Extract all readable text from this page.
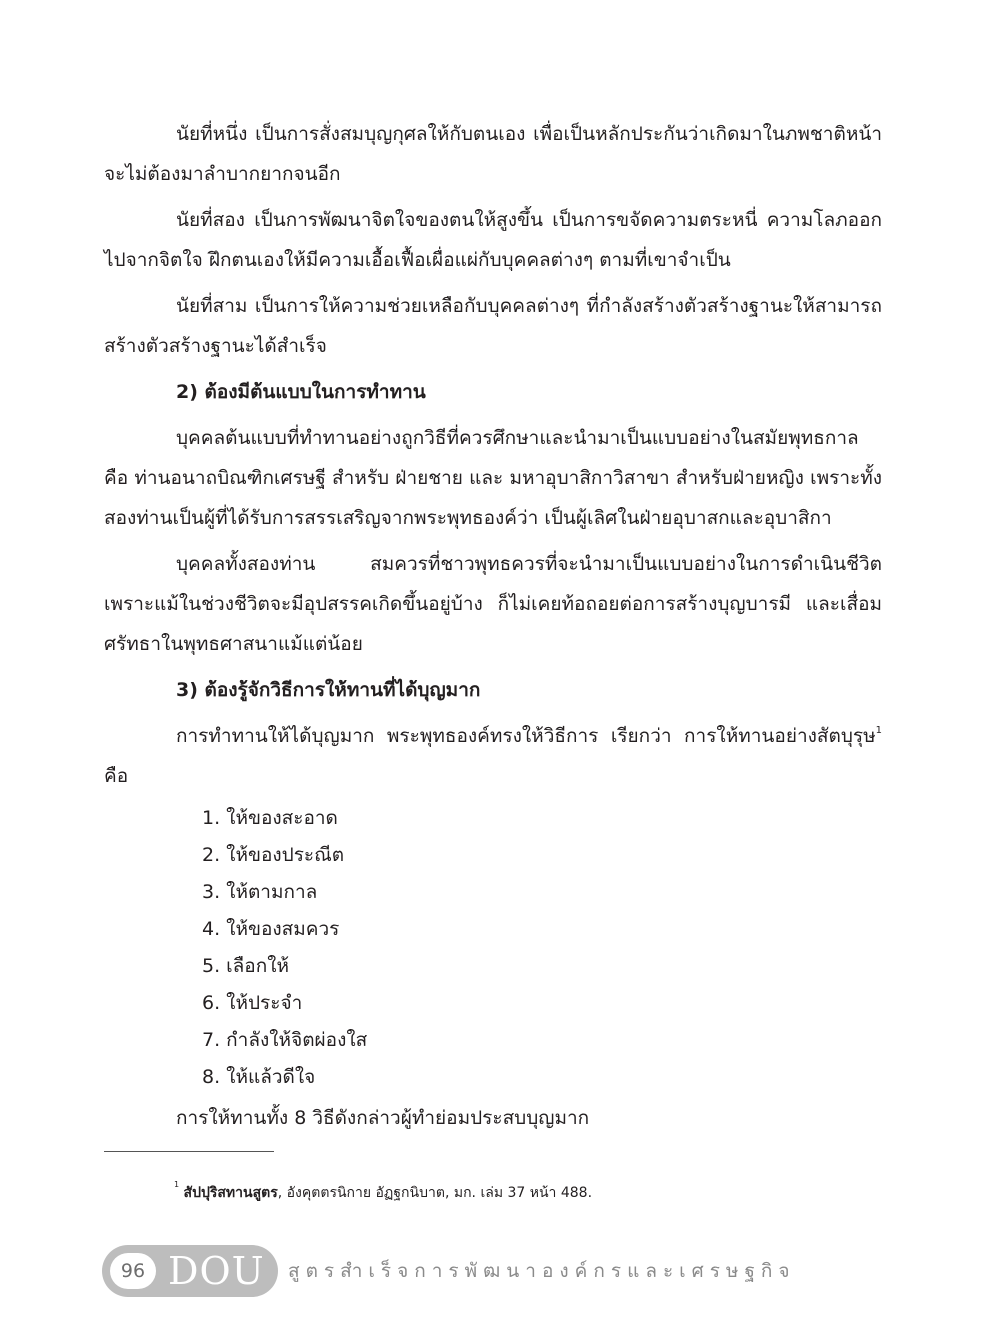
นัยที่หนึ่ง เป็นการสั่งสมบุญกุศลให้กับตนเอง เพื่อเป็นหลักประกันว่าเกิดมาในภพชาติหน้า จะไม่ต้องมาลำบากยากจนอีก

นัยที่สอง เป็นการพัฒนาจิตใจของตนให้สูงขึ้น เป็นการขจัดความตระหนี่ ความโลภออกไปจากจิตใจ ฝึกตนเองให้มีความเอื้อเฟื้อเผื่อแผ่กับบุคคลต่างๆ ตามที่เขาจำเป็น

นัยที่สาม เป็นการให้ความช่วยเหลือกับบุคคลต่างๆ ที่กำลังสร้างตัวสร้างฐานะให้สามารถสร้างตัวสร้างฐานะได้สำเร็จ

2) ต้องมีต้นแบบในการทำทาน

บุคคลต้นแบบที่ทำทานอย่างถูกวิธีที่ควรศึกษาและนำมาเป็นแบบอย่างในสมัยพุทธกาล คือ ท่านอนาถบิณฑิกเศรษฐี สำหรับ ฝ่ายชาย และ มหาอุบาสิกาวิสาขา สำหรับฝ่ายหญิง เพราะทั้งสองท่านเป็นผู้ที่ได้รับการสรรเสริญจากพระพุทธองค์ว่า เป็นผู้เลิศในฝ่ายอุบาสกและอุบาสิกา

บุคคลทั้งสองท่าน สมควรที่ชาวพุทธควรที่จะนำมาเป็นแบบอย่างในการดำเนินชีวิต เพราะแม้ในช่วงชีวิตจะมีอุปสรรคเกิดขึ้นอยู่บ้าง ก็ไม่เคยท้อถอยต่อการสร้างบุญบารมี และเสื่อมศรัทธาในพุทธศาสนาแม้แต่น้อย

3) ต้องรู้จักวิธีการให้ทานที่ได้บุญมาก

การทำทานให้ได้บุญมาก พระพุทธองค์ทรงให้วิธีการ เรียกว่า การให้ทานอย่างสัตบุรุษ$^1$ คือ

1. ให้ของสะอาด
2. ให้ของประณีต
3. ให้ตามกาล
4. ให้ของสมควร
5. เลือกให้
6. ให้ประจำ
7. กำลังให้จิตผ่องใส
8. ให้แล้วดีใจ

การให้ทานทั้ง 8 วิธีดังกล่าวผู้ทำย่อมประสบบุญมาก

$^1$ สัปปุริสทานสูตร, อังคุตตรนิกาย อัฏฐกนิบาต, มก. เล่ม 37 หน้า 488.
96 DOU สูตรสำเร็จการพัฒนาองค์กรและเศรษฐกิจ
